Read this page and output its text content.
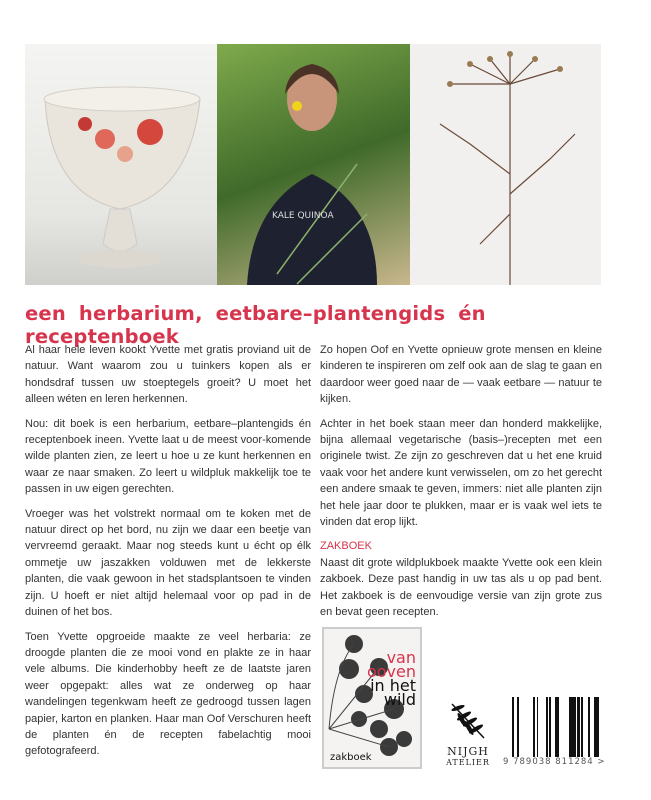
KALE QUINOA
een herbarium, eetbare–plantengids én receptenboek

Al haar hele leven kookt Yvette met gratis proviand uit de natuur. Want waarom zou u tuinkers kopen als er hondsdraf tussen uw stoeptegels groeit? U moet het alleen wéten en leren herkennen.

Nou: dit boek is een herbarium, eetbare–plantengids én receptenboek ineen. Yvette laat u de meest voor-komende wilde planten zien, ze leert u hoe u ze kunt herkennen en waar ze naar smaken. Zo leert u wildpluk makkelijk toe te passen in uw eigen gerechten.

Vroeger was het volstrekt normaal om te koken met de natuur direct op het bord, nu zijn we daar een beetje van vervreemd geraakt. Maar nog steeds kunt u écht op élk ommetje uw jaszakken volduwen met de lekkerste planten, die vaak gewoon in het stadsplantsoen te vinden zijn. U hoeft er niet altijd helemaal voor op pad in de duinen of het bos.

Toen Yvette opgroeide maakte ze veel herbaria: ze droogde planten die ze mooi vond en plakte ze in haar vele albums. Die kinderhobby heeft ze de laatste jaren weer opgepakt: alles wat ze onderweg op haar wandelingen tegenkwam heeft ze gedroogd tussen lagen papier, karton en planken. Haar man Oof Verschuren heeft de planten én de recepten fabelachtig mooi gefotografeerd.

Zo hopen Oof en Yvette opnieuw grote mensen en kleine kinderen te inspireren om zelf ook aan de slag te gaan en daardoor weer goed naar de — vaak eetbare — natuur te kijken.

Achter in het boek staan meer dan honderd makkelijke, bijna allemaal vegetarische (basis–)recepten met een originele twist. Ze zijn zo geschreven dat u het ene kruid vaak voor het andere kunt verwisselen, om zo het gerecht een andere smaak te geven, immers: niet alle planten zijn het hele jaar door te plukken, maar er is vaak wel iets te vinden dat erop lijkt.

ZAKBOEK

Naast dit grote wildplukboek maakte Yvette ook een klein zakboek. Deze past handig in uw tas als u op pad bent. Het zakboek is de eenvoudige versie van zijn grote zus en bevat geen recepten.

van
ooven
in het
wild
zakboek	NIJGH
ATELIER	9 789038 811284 >
